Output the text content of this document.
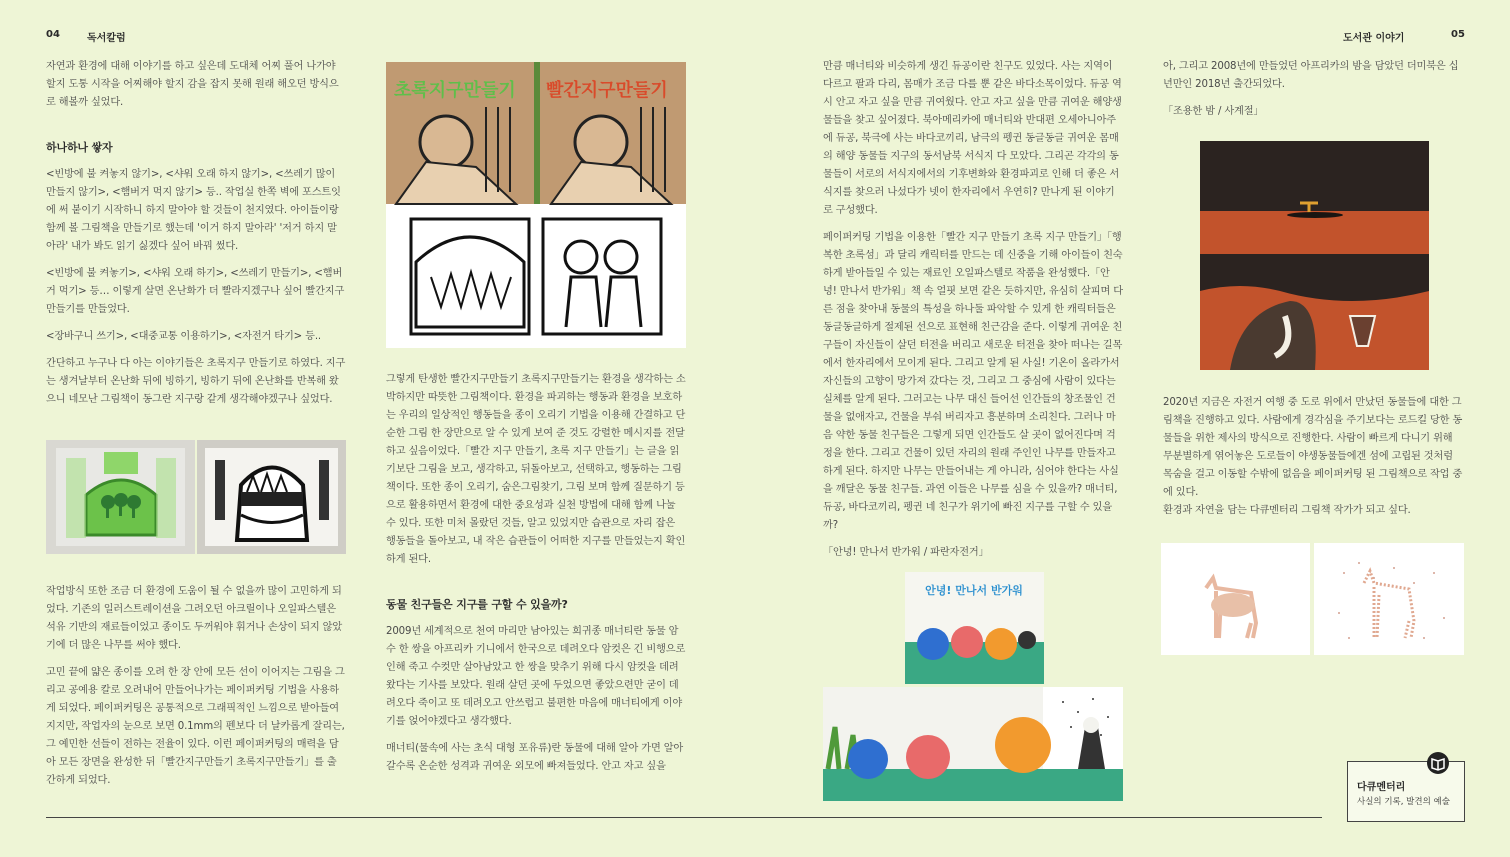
04	독서칼럼	도서관 이야기	05

자연과 환경에 대해 이야기를 하고 싶은데 도대체 어찌 풀어 나가야 할지 도통 시작을 어찌해야 할지 감을 잡지 못해 원래 해오던 방식으로 해볼까 싶었다.

하나하나 쌓자

<빈방에 불 켜놓지 않기>, <샤워 오래 하지 않기>, <쓰레기 많이 만들지 않기>, <햄버거 먹지 않기> 등.. 작업실 한쪽 벽에 포스트잇에 써 붙이기 시작하니 하지 말아야 할 것들이 천지였다. 아이들이랑 함께 볼 그림책을 만들기로 했는데 '이거 하지 말아라' '저거 하지 말아라' 내가 봐도 읽기 싫겠다 싶어 바꿔 썼다.

<빈방에 불 켜놓기>, <샤워 오래 하기>, <쓰레기 만들기>, <햄버거 먹기> 등… 이렇게 살면 온난화가 더 빨라지겠구나 싶어 빨간지구 만들기를 만들었다.

<장바구니 쓰기>, <대중교통 이용하기>, <자전거 타기> 등..

간단하고 누구나 다 아는 이야기들은 초록지구 만들기로 하였다. 지구는 생겨날부터 온난화 뒤에 빙하기, 빙하기 뒤에 온난화를 반복해 왔으니 네모난 그림책이 동그란 지구랑 같게 생각해야겠구나 싶었다.

작업방식 또한 조금 더 환경에 도움이 될 수 없을까 많이 고민하게 되었다. 기존의 일러스트레이션을 그려오던 아크릴이나 오일파스텔은 석유 기반의 재료들이었고 종이도 두꺼워야 휘거나 손상이 되지 않았기에 더 많은 나무를 써야 했다.

고민 끝에 얇은 종이를 오려 한 장 안에 모든 선이 이어지는 그림을 그리고 공예용 칼로 오려내어 만들어나가는 페이퍼커팅 기법을 사용하게 되었다. 페이퍼커팅은 공통적으로 그래픽적인 느낌으로 받아들여지지만, 작업자의 눈으로 보면 0.1mm의 펜보다 더 날카롭게 잘리는, 그 예민한 선들이 전하는 전율이 있다. 이런 페이퍼커팅의 매력을 담아 모든 장면을 완성한 뒤「빨간지구만들기 초록지구만들기」를 출간하게 되었다.

초록지구만들기 빨간지구만들기

그렇게 탄생한 빨간지구만들기 초록지구만들기는 환경을 생각하는 소박하지만 따뜻한 그림책이다. 환경을 파괴하는 행동과 환경을 보호하는 우리의 일상적인 행동들을 종이 오리기 기법을 이용해 간결하고 단순한 그림 한 장만으로 알 수 있게 보여 준 것도 강렬한 메시지를 전달하고 싶음이었다.「빨간 지구 만들기, 초록 지구 만들기」는 글을 읽기보단 그림을 보고, 생각하고, 뒤돌아보고, 선택하고, 행동하는 그림책이다. 또한 종이 오리기, 숨은그림찾기, 그림 보며 함께 질문하기 등으로 활용하면서 환경에 대한 중요성과 실천 방법에 대해 함께 나눌 수 있다. 또한 미처 몰랐던 것들, 알고 있었지만 습관으로 자리 잡은 행동들을 돌아보고, 내 작은 습관들이 어떠한 지구를 만들었는지 확인하게 된다.

동물 친구들은 지구를 구할 수 있을까?

2009년 세계적으로 천여 마리만 남아있는 희귀종 매너티란 동물 암수 한 쌍을 아프리카 기니에서 한국으로 데려오다 암컷은 긴 비행으로 인해 죽고 수컷만 살아남았고 한 쌍을 맞추기 위해 다시 암컷을 데려왔다는 기사를 보았다. 원래 살던 곳에 두었으면 좋았으련만 굳이 데려오다 죽이고 또 데려오고 안쓰럽고 불편한 마음에 매너티에게 이야기를 얹어야겠다고 생각했다.

매너티(물속에 사는 초식 대형 포유류)란 동물에 대해 알아 가면 알아갈수록 온순한 성격과 귀여운 외모에 빠져들었다. 안고 자고 싶을

만큼 매너티와 비슷하게 생긴 듀공이란 친구도 있었다. 사는 지역이 다르고 팔과 다리, 몸매가 조금 다를 뿐 같은 바다소목이었다. 듀공 역시 안고 자고 싶을 만큼 귀여웠다. 안고 자고 싶을 만큼 귀여운 해양생물들을 찾고 싶어졌다. 북아메리카에 매너티와 반대편 오세아니아주에 듀공, 북극에 사는 바다코끼리, 남극의 펭귄 동글동글 귀여운 몸매의 해양 동물들 지구의 동서남북 서식지 다 모았다. 그리곤 각각의 동물들이 서로의 서식지에서의 기후변화와 환경파괴로 인해 더 좋은 서식지를 찾으러 나섰다가 넷이 한자리에서 우연히? 만나게 된 이야기로 구성했다.

페이퍼커팅 기법을 이용한「빨간 지구 만들기 초록 지구 만들기」「행복한 초록섬」과 달리 캐릭터를 만드는 데 신중을 기해 아이들이 친숙하게 받아들일 수 있는 재료인 오일파스텔로 작품을 완성했다.「안녕! 만나서 반가워」책 속 얼핏 보면 같은 듯하지만, 유심히 살피며 다른 점을 찾아내 동물의 특성을 하나둘 파악할 수 있게 한 캐릭터들은 동글동글하게 절제된 선으로 표현해 친근감을 준다. 이렇게 귀여운 친구들이 자신들이 살던 터전을 버리고 새로운 터전을 찾아 떠나는 길목에서 한자리에서 모이게 된다. 그리고 알게 된 사실! 기온이 올라가서 자신들의 고향이 망가져 갔다는 것, 그리고 그 중심에 사람이 있다는 실체를 알게 된다. 그러고는 나무 대신 들어선 인간들의 창조물인 건물을 없애자고, 건물을 부숴 버리자고 흥분하며 소리친다. 그러나 마음 약한 동물 친구들은 그렇게 되면 인간들도 살 곳이 없어진다며 걱정을 한다. 그리고 건물이 있던 자리의 원래 주인인 나무를 만들자고 하게 된다. 하지만 나무는 만들어내는 게 아니라, 심어야 한다는 사실을 깨달은 동물 친구들. 과연 이들은 나무를 심을 수 있을까? 매너티, 듀공, 바다코끼리, 펭귄 네 친구가 위기에 빠진 지구를 구할 수 있을까?

「안녕! 만나서 반가워 / 파란자전거」

안녕! 만나서 반가워

아, 그리고 2008년에 만들었던 아프리카의 밤을 담았던 더미북은 십 년만인 2018년 출간되었다.

「조용한 밤 / 사계절」

2020년 지금은 자전거 여행 중 도로 위에서 만났던 동물들에 대한 그림책을 진행하고 있다. 사람에게 경각심을 주기보다는 로드킬 당한 동물들을 위한 제사의 방식으로 진행한다. 사람이 빠르게 다니기 위해 무분별하게 엮어놓은 도로들이 야생동물들에겐 섬에 고립된 것처럼 목숨을 걸고 이동할 수밖에 없음을 페이퍼커팅 된 그림책으로 작업 중에 있다.

환경과 자연을 담는 다큐멘터리 그림책 작가가 되고 싶다.

다큐멘터리
사실의 기록, 발견의 예술
